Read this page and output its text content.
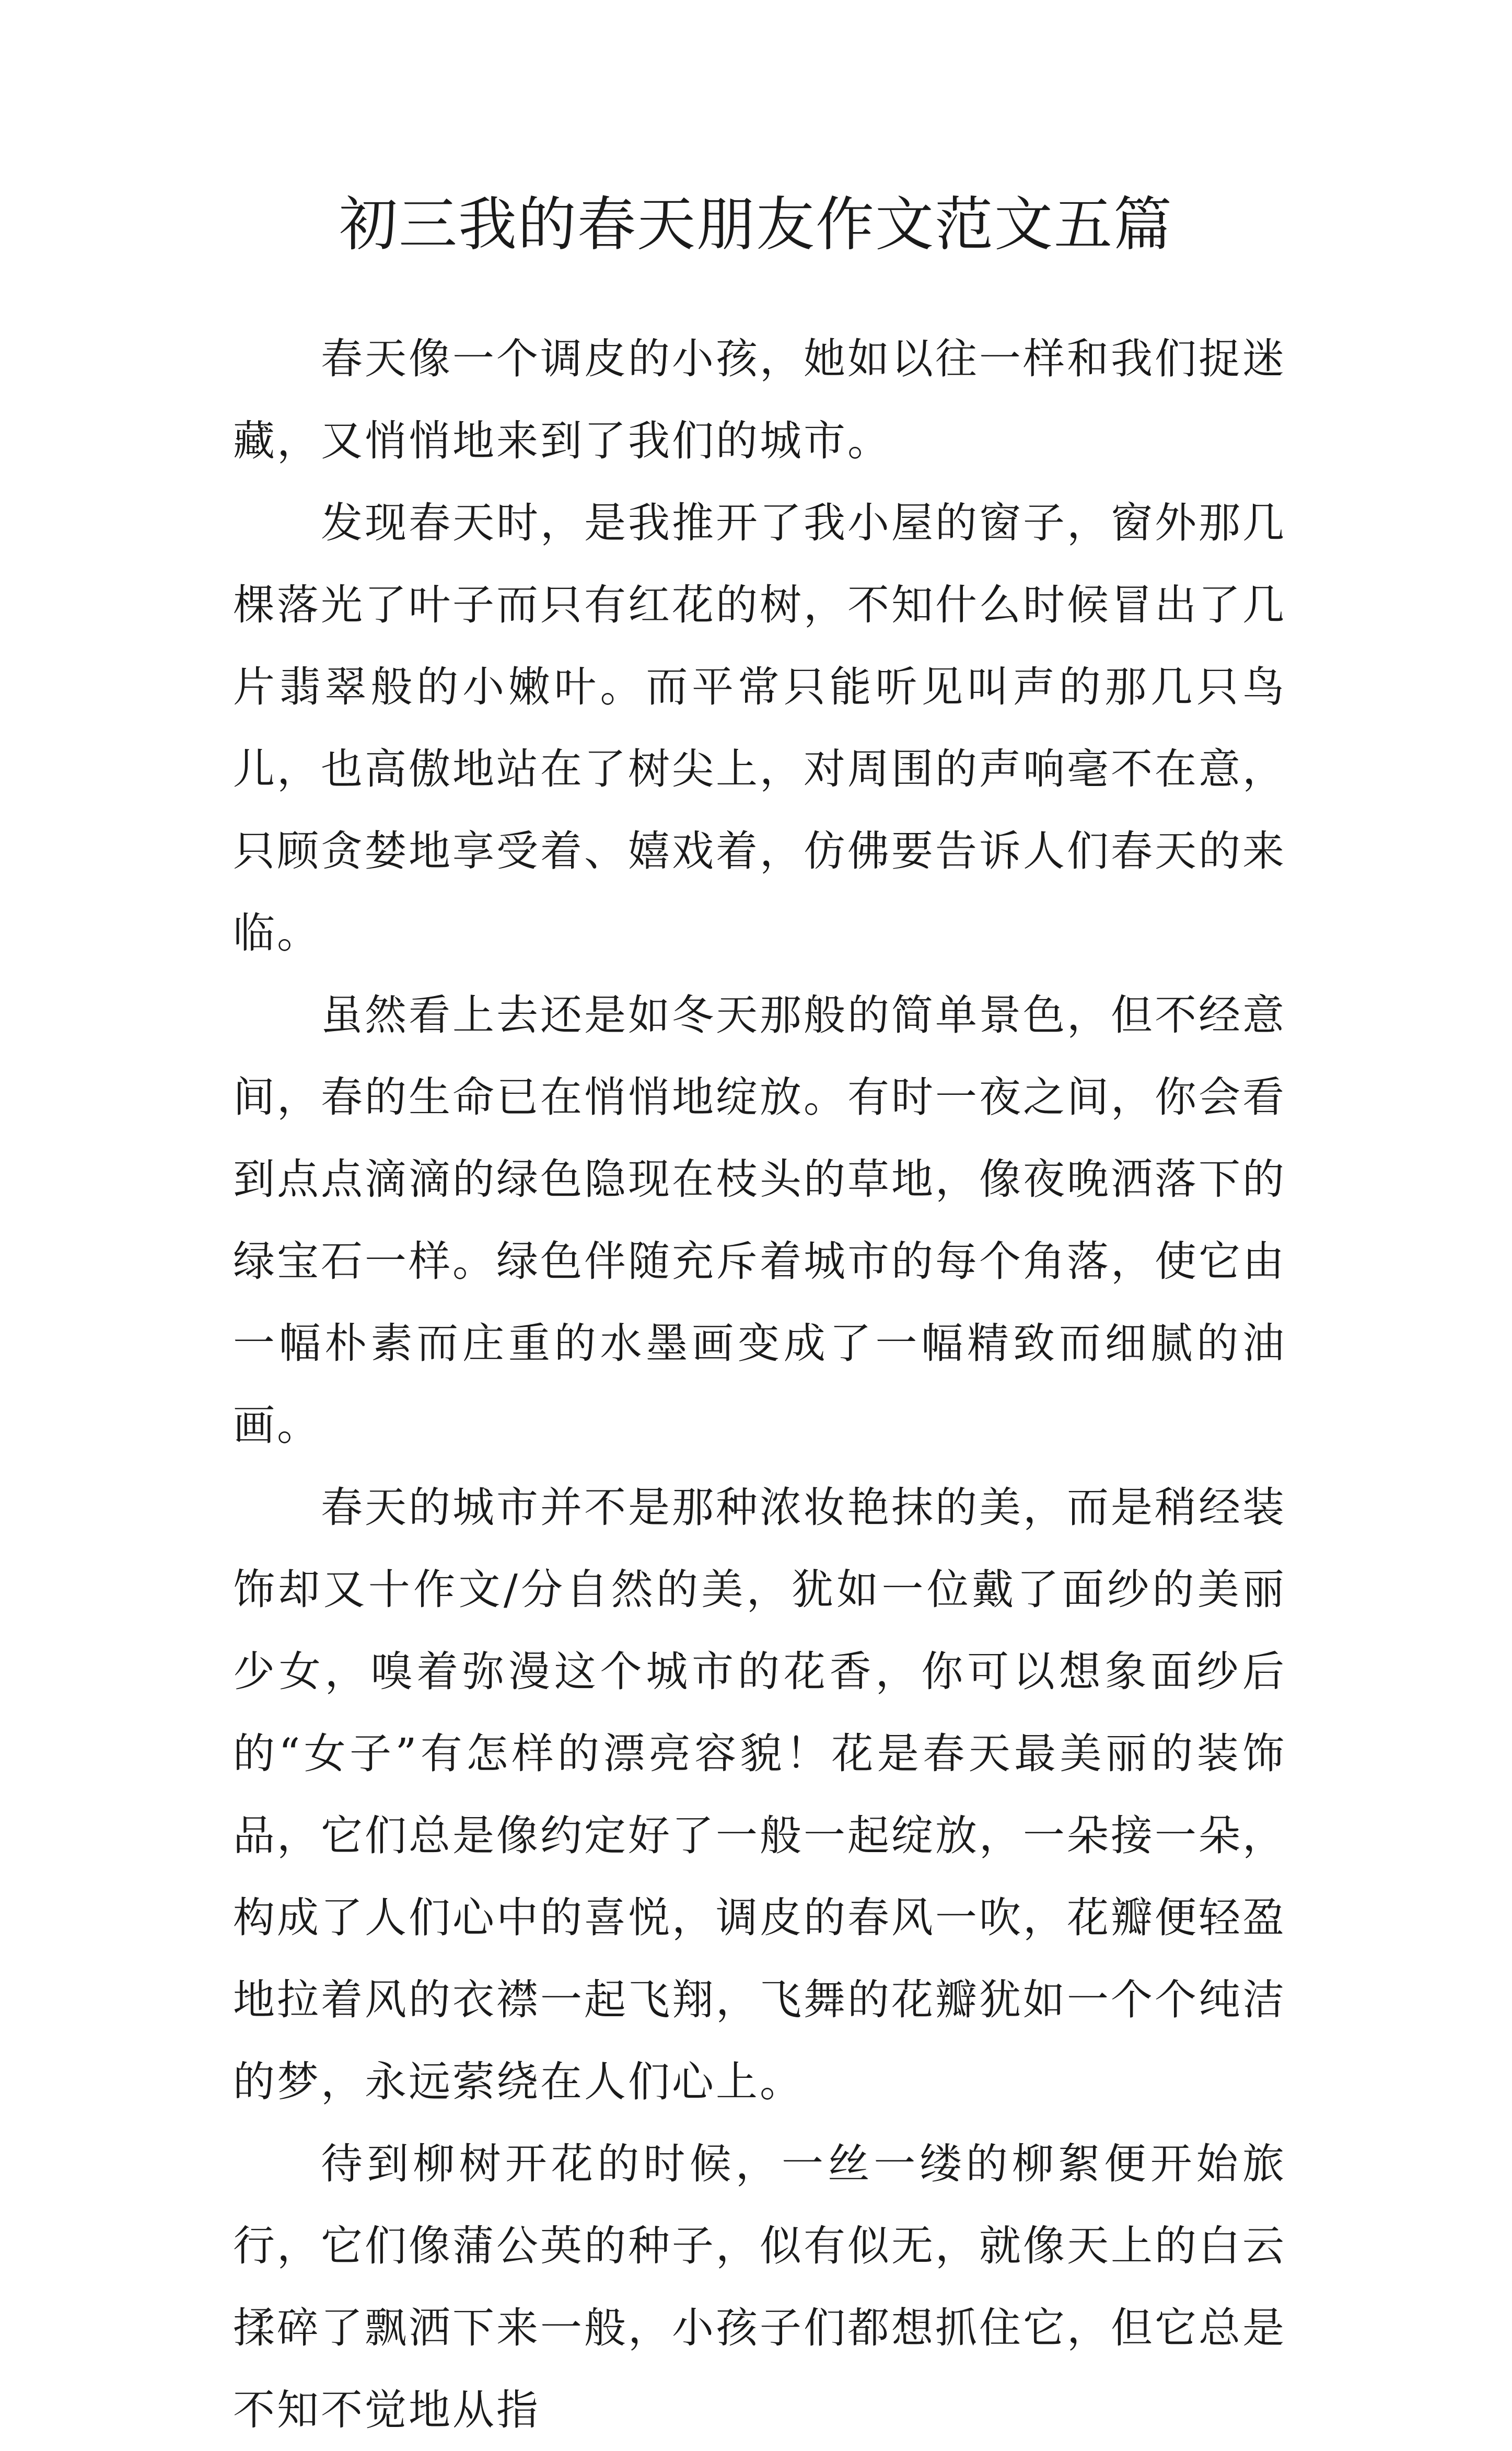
初三我的春天朋友作文范文五篇

春天像一个调皮的小孩，她如以往一样和我们捉迷藏，又悄悄地来到了我们的城市。

发现春天时，是我推开了我小屋的窗子，窗外那几棵落光了叶子而只有红花的树，不知什么时候冒出了几片翡翠般的小嫩叶。而平常只能听见叫声的那几只鸟儿，也高傲地站在了树尖上，对周围的声响毫不在意，只顾贪婪地享受着、嬉戏着，仿佛要告诉人们春天的来临。

虽然看上去还是如冬天那般的简单景色，但不经意间，春的生命已在悄悄地绽放。有时一夜之间，你会看到点点滴滴的绿色隐现在枝头的草地，像夜晚洒落下的绿宝石一样。绿色伴随充斥着城市的每个角落，使它由一幅朴素而庄重的水墨画变成了一幅精致而细腻的油画。

春天的城市并不是那种浓妆艳抹的美，而是稍经装饰却又十作文/分自然的美，犹如一位戴了面纱的美丽少女，嗅着弥漫这个城市的花香，你可以想象面纱后的“女子”有怎样的漂亮容貌！花是春天最美丽的装饰品，它们总是像约定好了一般一起绽放，一朵接一朵，构成了人们心中的喜悦，调皮的春风一吹，花瓣便轻盈地拉着风的衣襟一起飞翔，飞舞的花瓣犹如一个个纯洁的梦，永远萦绕在人们心上。

待到柳树开花的时候，一丝一缕的柳絮便开始旅行，它们像蒲公英的种子，似有似无，就像天上的白云揉碎了飘洒下来一般，小孩子们都想抓住它，但它总是不知不觉地从指
